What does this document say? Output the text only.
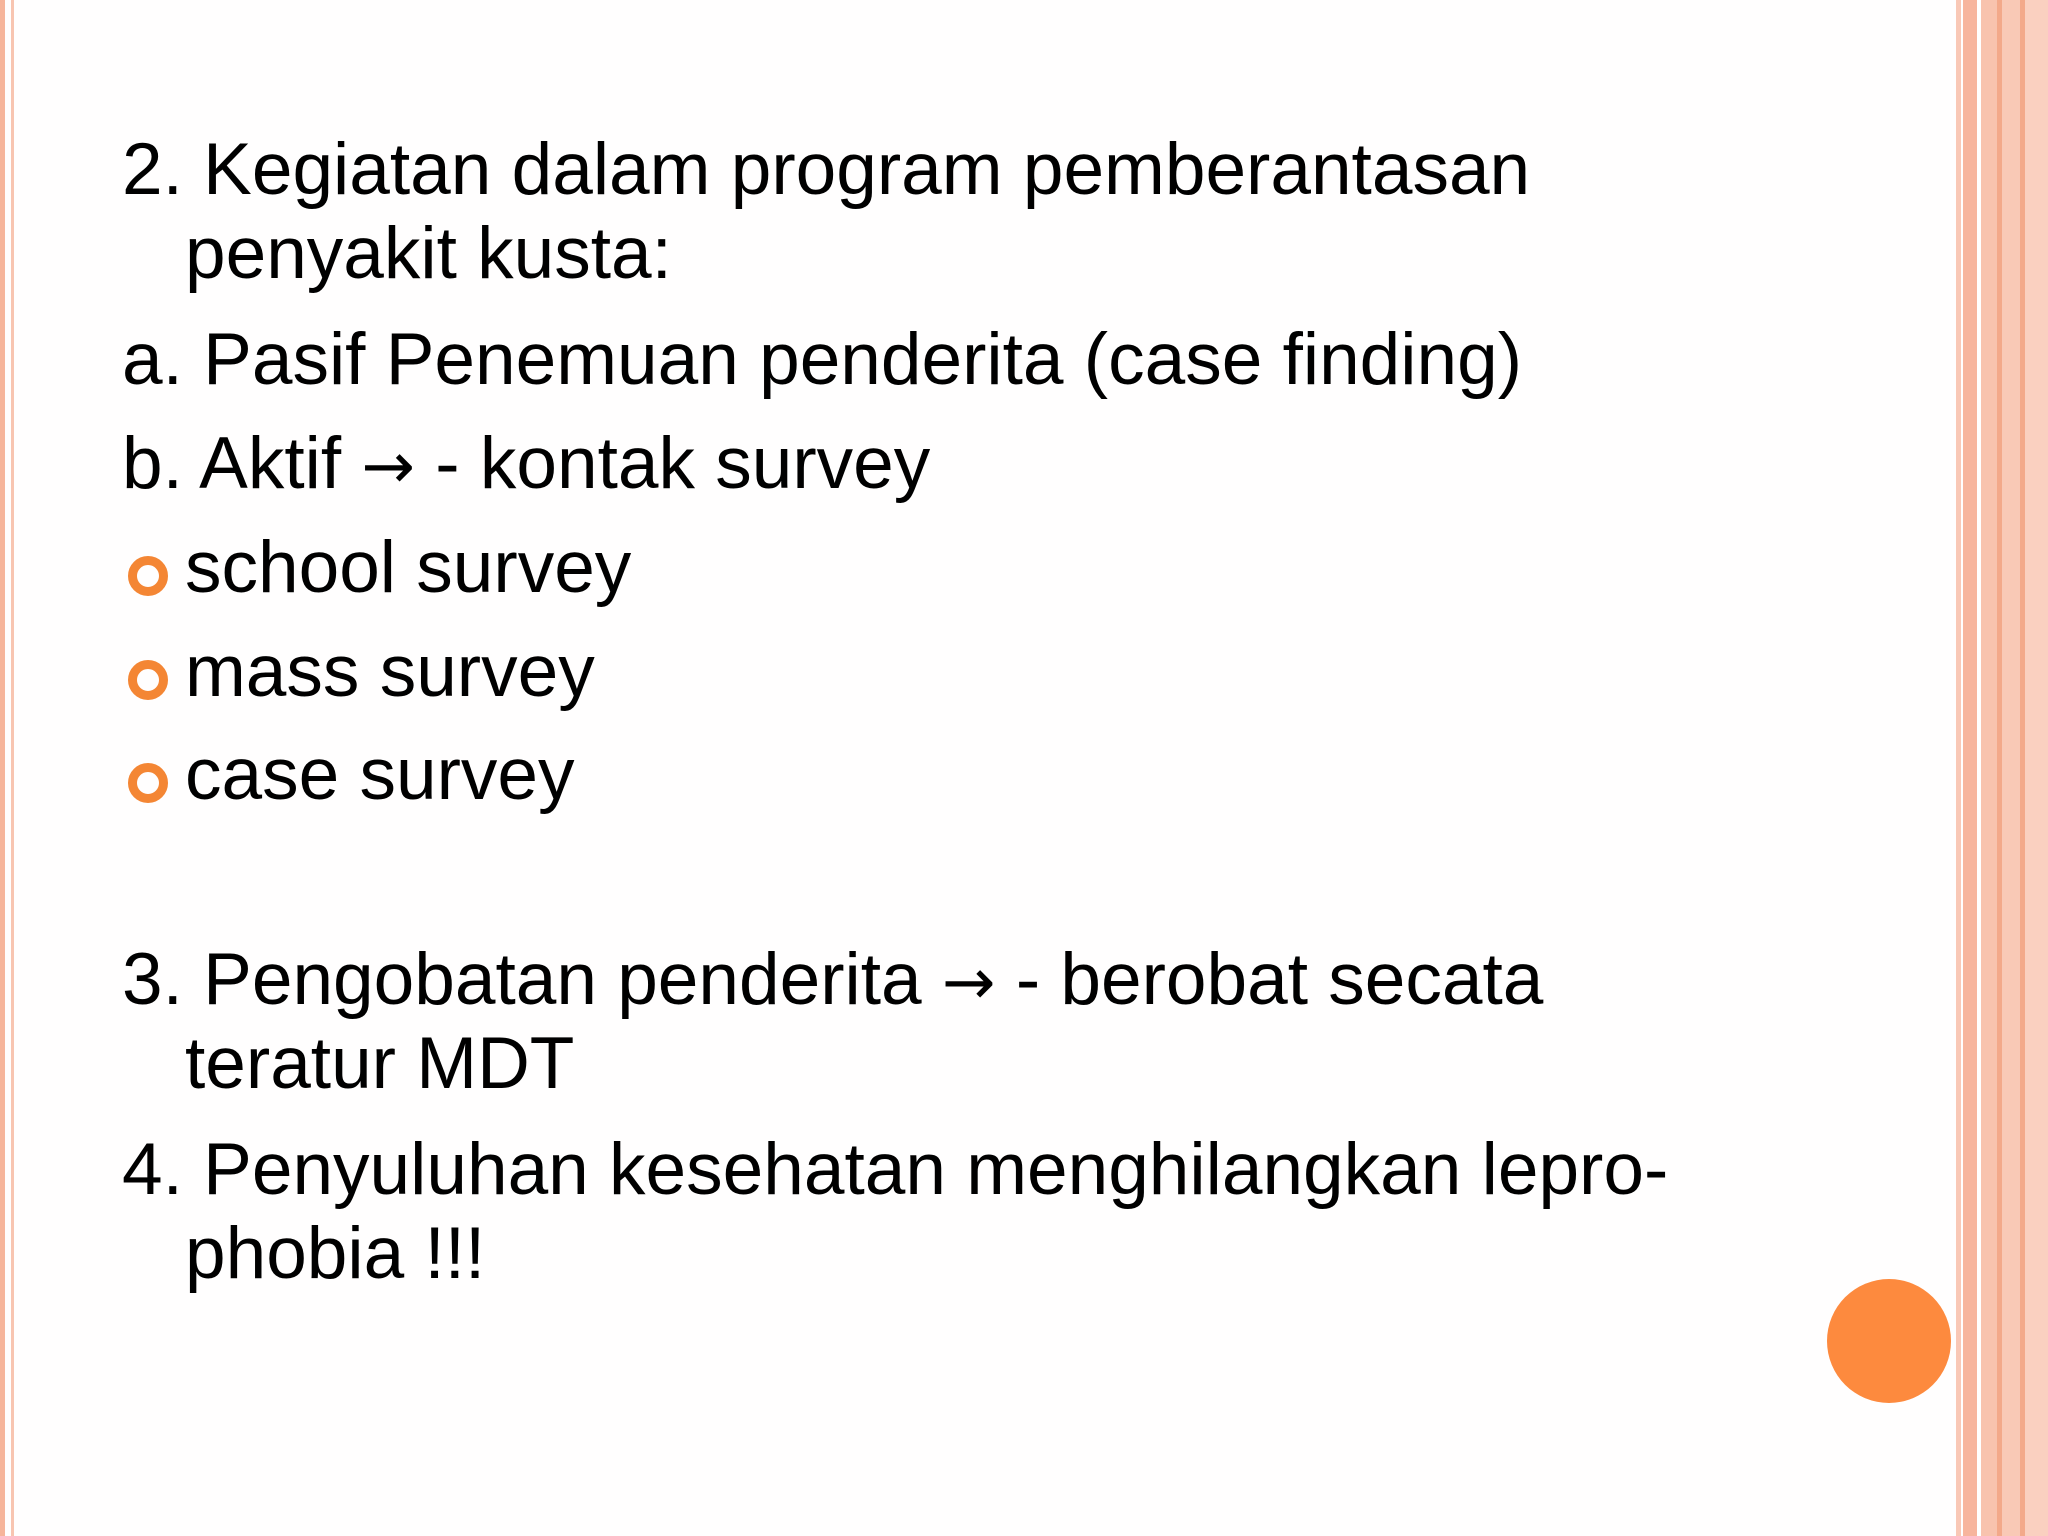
2. Kegiatan dalam program pemberantasan
penyakit kusta:
a. Pasif Penemuan penderita (case finding)
b. Aktif → - kontak survey
school survey
mass survey
case survey
3. Pengobatan penderita → - berobat secata
teratur MDT
4. Penyuluhan kesehatan menghilangkan lepro-
phobia !!!
